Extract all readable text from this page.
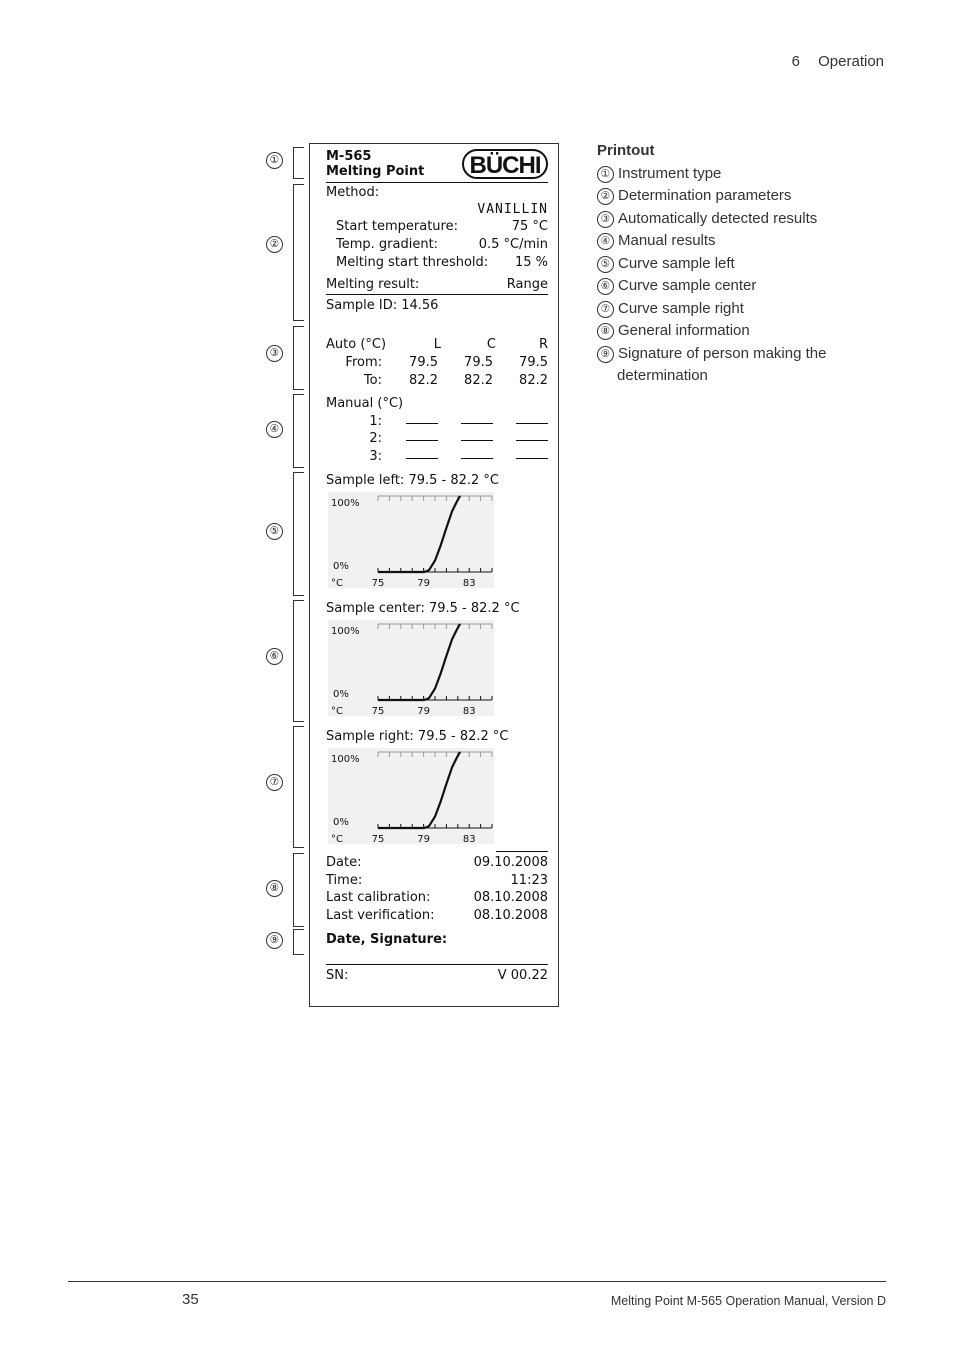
6 Operation
①
②
③
④
⑤
⑥
⑦
⑧
⑨
M-565
Melting Point	BÜCHI
Method:
VANILLIN
Start temperature:	75 °C
Temp. gradient:	0.5 °C/min
Melting start threshold: 15 %
Melting result:	Range
Sample ID: 14.56
Auto (°C)	L	C	R
From:	79.5	79.5	79.5
To:	82.2	82.2	82.2
Manual (°C)
1:
2:
3:
Sample left: 79.5 - 82.2 °C
100%
0%
°C	75	79	83
Sample center: 79.5 - 82.2 °C
100%
0%
°C	75	79	83
Sample right: 79.5 - 82.2 °C
100%
0%
°C	75	79	83
Date:	09.10.2008
Time:	11:23
Last calibration:	08.10.2008
Last verification:	08.10.2008
Date, Signature:
SN:	V 00.22
Printout
① Instrument type
② Determination parameters
③ Automatically detected results
④ Manual results
⑤ Curve sample left
⑥ Curve sample center
⑦ Curve sample right
⑧ General information
⑨ Signature of person making the
determination
35	Melting Point M-565 Operation Manual, Version D
